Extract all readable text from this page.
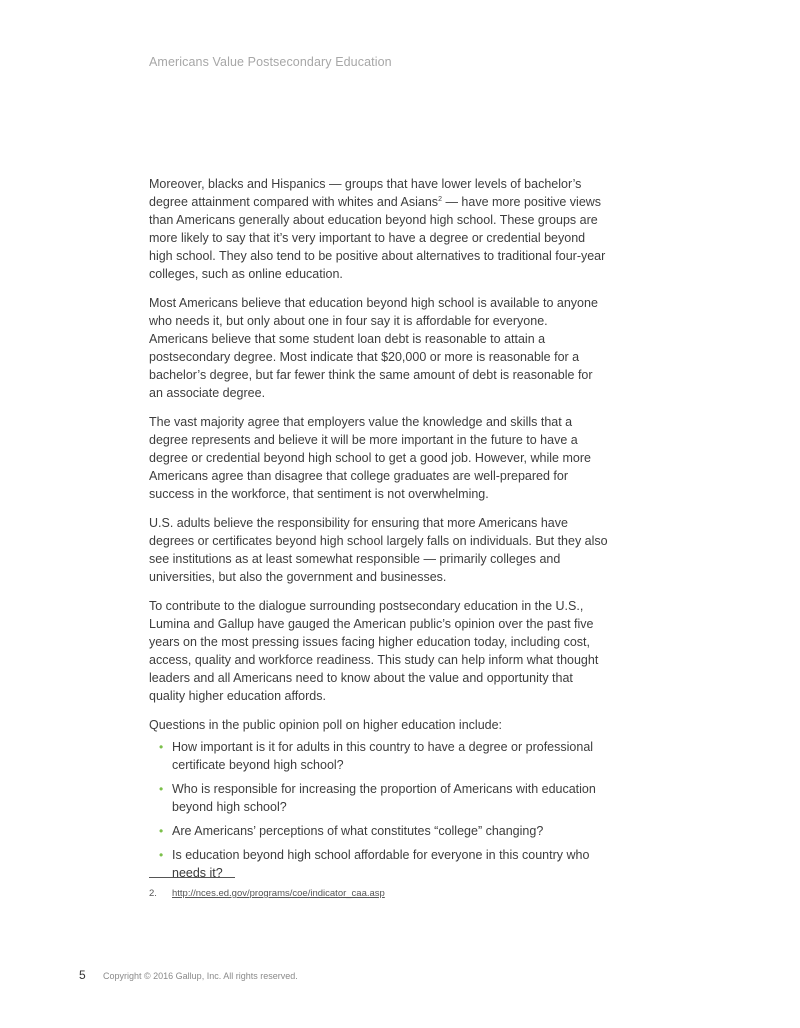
Americans Value Postsecondary Education

Moreover, blacks and Hispanics — groups that have lower levels of bachelor’s degree attainment compared with whites and Asians$^2$ — have more positive views than Americans generally about education beyond high school. These groups are more likely to say that it’s very important to have a degree or credential beyond high school. They also tend to be positive about alternatives to traditional four-year colleges, such as online education.

Most Americans believe that education beyond high school is available to anyone who needs it, but only about one in four say it is affordable for everyone. Americans believe that some student loan debt is reasonable to attain a postsecondary degree. Most indicate that $20,000 or more is reasonable for a bachelor’s degree, but far fewer think the same amount of debt is reasonable for an associate degree.

The vast majority agree that employers value the knowledge and skills that a degree represents and believe it will be more important in the future to have a degree or credential beyond high school to get a good job. However, while more Americans agree than disagree that college graduates are well-prepared for success in the workforce, that sentiment is not overwhelming.

U.S. adults believe the responsibility for ensuring that more Americans have degrees or certificates beyond high school largely falls on individuals. But they also see institutions as at least somewhat responsible — primarily colleges and universities, but also the government and businesses.

To contribute to the dialogue surrounding postsecondary education in the U.S., Lumina and Gallup have gauged the American public’s opinion over the past five years on the most pressing issues facing higher education today, including cost, access, quality and workforce readiness. This study can help inform what thought leaders and all Americans need to know about the value and opportunity that quality higher education affords.

Questions in the public opinion poll on higher education include:

• How important is it for adults in this country to have a degree or professional certificate beyond high school?
• Who is responsible for increasing the proportion of Americans with education beyond high school?
• Are Americans’ perceptions of what constitutes “college” changing?
• Is education beyond high school affordable for everyone in this country who needs it?
2. http://nces.ed.gov/programs/coe/indicator_caa.asp
5 Copyright © 2016 Gallup, Inc. All rights reserved.
